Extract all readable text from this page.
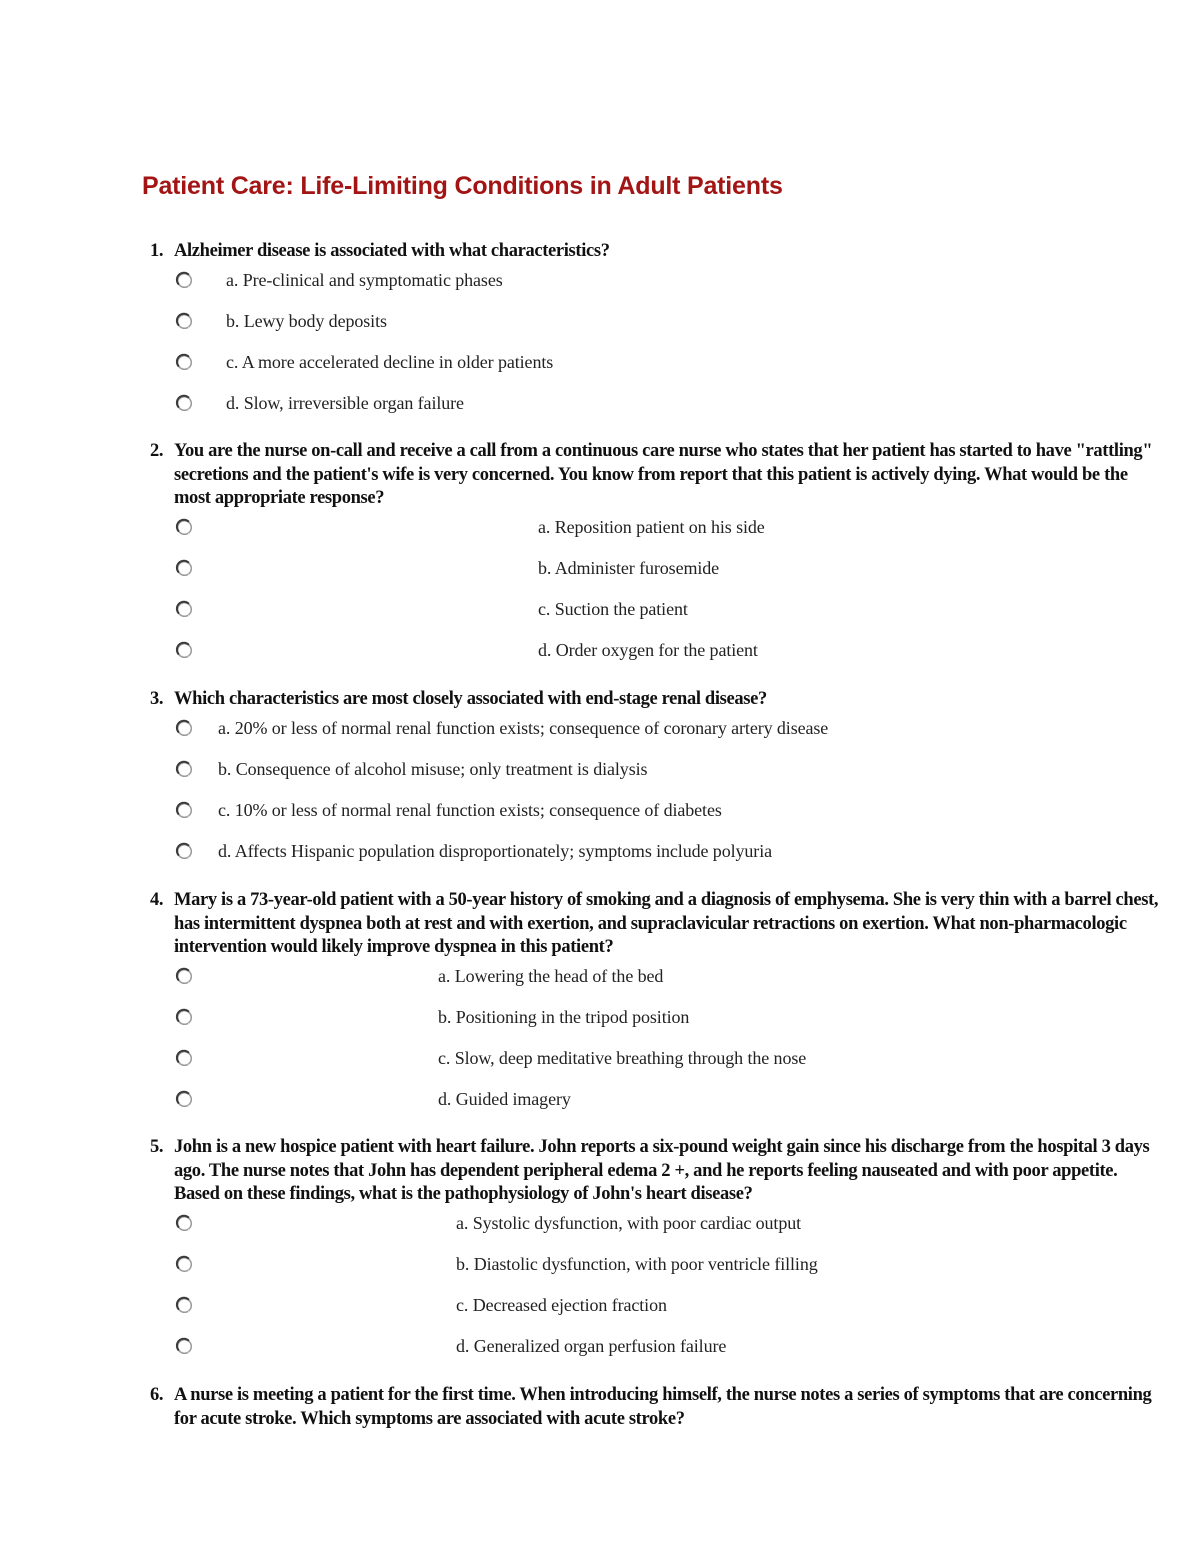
Patient Care: Life-Limiting Conditions in Adult Patients
1. Alzheimer disease is associated with what characteristics?
a. Pre-clinical and symptomatic phases
b. Lewy body deposits
c. A more accelerated decline in older patients
d. Slow, irreversible organ failure
2. You are the nurse on-call and receive a call from a continuous care nurse who states that her patient has started to have "rattling" secretions and the patient's wife is very concerned. You know from report that this patient is actively dying. What would be the most appropriate response?
a. Reposition patient on his side
b. Administer furosemide
c. Suction the patient
d. Order oxygen for the patient
3. Which characteristics are most closely associated with end-stage renal disease?
a. 20% or less of normal renal function exists; consequence of coronary artery disease
b. Consequence of alcohol misuse; only treatment is dialysis
c. 10% or less of normal renal function exists; consequence of diabetes
d. Affects Hispanic population disproportionately; symptoms include polyuria
4. Mary is a 73-year-old patient with a 50-year history of smoking and a diagnosis of emphysema. She is very thin with a barrel chest, has intermittent dyspnea both at rest and with exertion, and supraclavicular retractions on exertion. What non-pharmacologic intervention would likely improve dyspnea in this patient?
a. Lowering the head of the bed
b. Positioning in the tripod position
c. Slow, deep meditative breathing through the nose
d. Guided imagery
5. John is a new hospice patient with heart failure. John reports a six-pound weight gain since his discharge from the hospital 3 days ago. The nurse notes that John has dependent peripheral edema 2 +, and he reports feeling nauseated and with poor appetite. Based on these findings, what is the pathophysiology of John's heart disease?
a. Systolic dysfunction, with poor cardiac output
b. Diastolic dysfunction, with poor ventricle filling
c. Decreased ejection fraction
d. Generalized organ perfusion failure
6. A nurse is meeting a patient for the first time. When introducing himself, the nurse notes a series of symptoms that are concerning for acute stroke. Which symptoms are associated with acute stroke?
